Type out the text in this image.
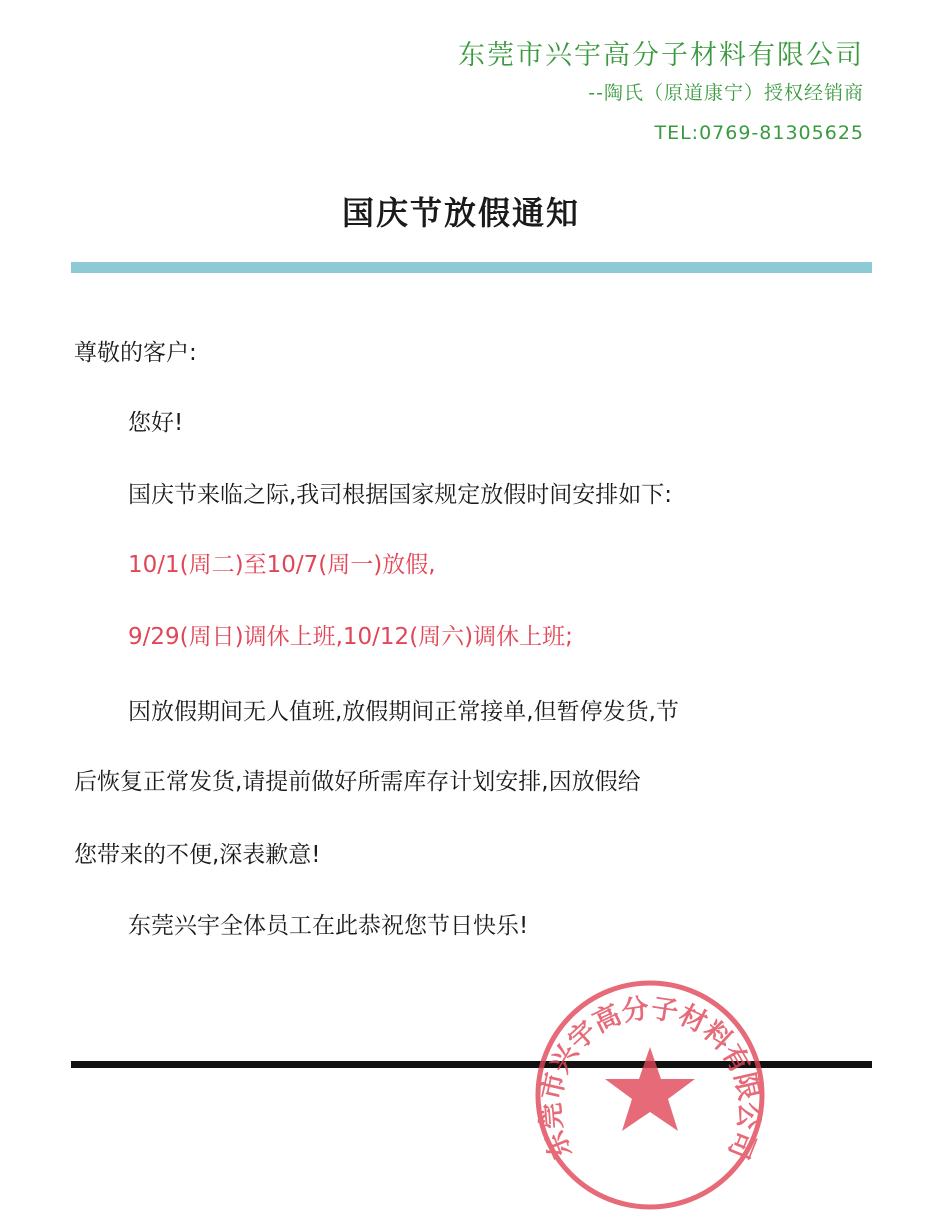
东莞市兴宇高分子材料有限公司
--陶氏（原道康宁）授权经销商
TEL:0769-81305625
国庆节放假通知
尊敬的客户:
您好!
国庆节来临之际,我司根据国家规定放假时间安排如下:
10/1(周二)至10/7(周一)放假,
9/29(周日)调休上班,10/12(周六)调休上班;
因放假期间无人值班,放假期间正常接单,但暂停发货,节
后恢复正常发货,请提前做好所需库存计划安排,因放假给
您带来的不便,深表歉意!
东莞兴宇全体员工在此恭祝您节日快乐!
东莞市兴宇高分子材料有限公司
